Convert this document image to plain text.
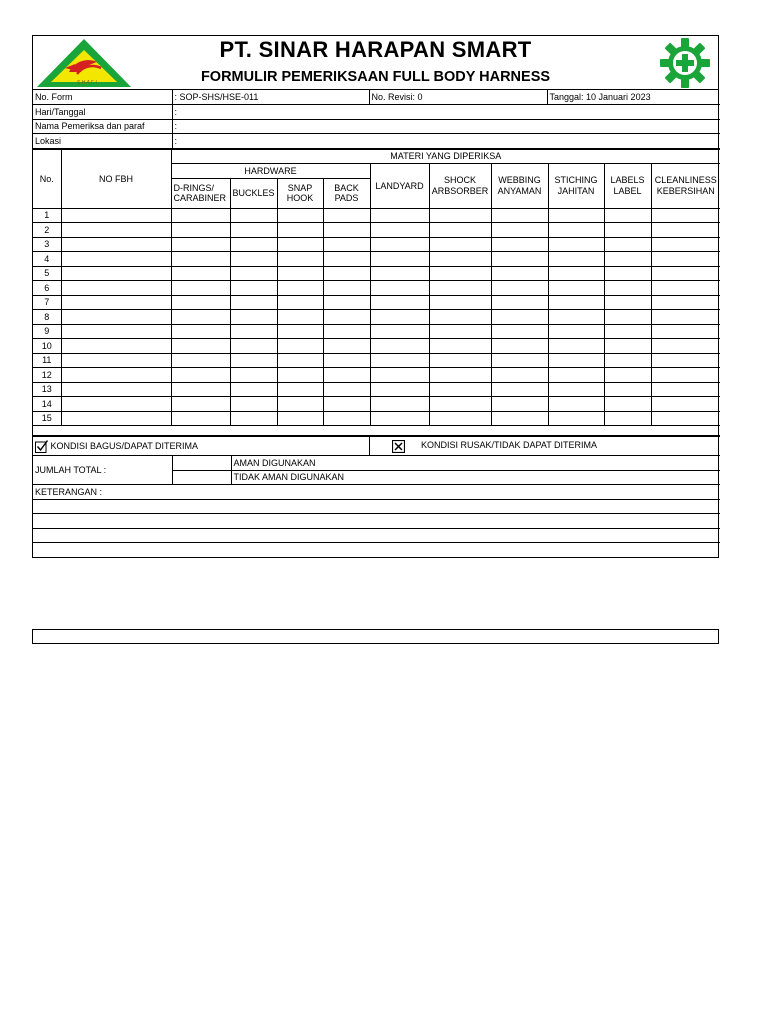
S H A F I
PT. SINAR HARAPAN SMART
FORMULIR PEMERIKSAAN FULL BODY HARNESS
No. Form	: SOP-SHS/HSE-011	No. Revisi: 0	Tanggal: 10 Januari 2023
Hari/Tanggal	:		
Nama Pemeriksa dan paraf	:		
Lokasi	:		
No.	NO FBH	MATERI YANG DIPERIKSA									
		HARDWARE				LANDYARD	SHOCK ARBSORBER	WEBBING ANYAMAN	STICHING JAHITAN	LABELS LABEL	CLEANLINESS KEBERSIHAN
		D-RINGS/ CARABINER	BUCKLES	SNAP HOOK	BACK PADS						
1											
2											
3											
4											
5											
6											
7											
8											
9											
10											
11											
12											
13											
14											
15											

KONDISI BAGUS/DAPAT DITERIMA			KONDISI RUSAK/TIDAK DAPAT DITERIMA
JUMLAH TOTAL :		AMAN DIGUNAKAN	
		TIDAK AMAN DIGUNAKAN	
KETERANGAN :			
